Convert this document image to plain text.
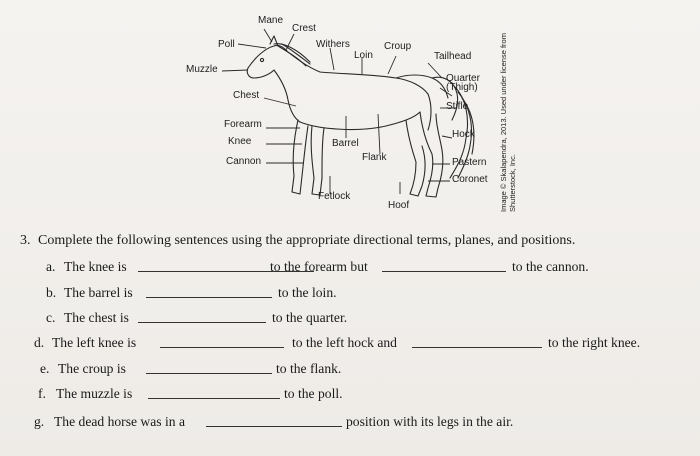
Mane
Crest
Poll	Withers
Loin
Croup
Tailhead
Muzzle
Quarter
(Thigh)
Stifle
Chest
Hock
Forearm
Knee	Barrel
Cannon	Flank	Pastern
Coronet
Fetlock
Hoof	Image © Skalapendra, 2013. Used under license from Shutterstock, Inc.
3. Complete the following sentences using the appropriate directional terms, planes, and positions.
a. The knee is	to the forearm but	to the cannon.
b. The barrel is	to the loin.
c. The chest is	to the quarter.
d. The left knee is	to the left hock and	to the right knee.
e. The croup is	to the flank.
f. The muzzle is	to the poll.
g. The dead horse was in a	position with its legs in the air.
